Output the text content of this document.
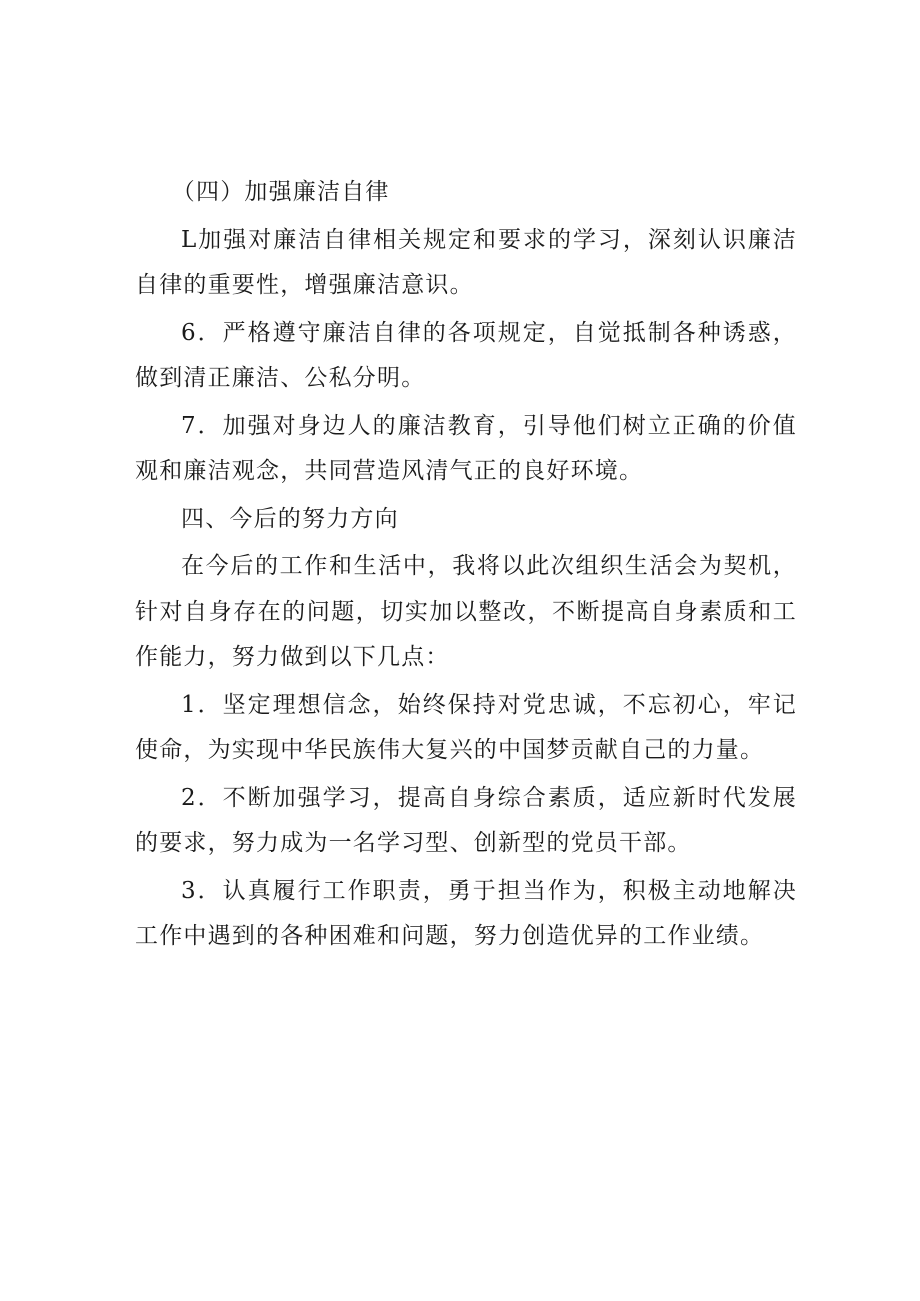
（四）加强廉洁自律

L加强对廉洁自律相关规定和要求的学习，深刻认识廉洁自律的重要性，增强廉洁意识。

6．严格遵守廉洁自律的各项规定，自觉抵制各种诱惑，做到清正廉洁、公私分明。

7．加强对身边人的廉洁教育，引导他们树立正确的价值观和廉洁观念，共同营造风清气正的良好环境。

四、今后的努力方向

在今后的工作和生活中，我将以此次组织生活会为契机，针对自身存在的问题，切实加以整改，不断提高自身素质和工作能力，努力做到以下几点：

1．坚定理想信念，始终保持对党忠诚，不忘初心，牢记使命，为实现中华民族伟大复兴的中国梦贡献自己的力量。

2．不断加强学习，提高自身综合素质，适应新时代发展的要求，努力成为一名学习型、创新型的党员干部。

3．认真履行工作职责，勇于担当作为，积极主动地解决工作中遇到的各种困难和问题，努力创造优异的工作业绩。
